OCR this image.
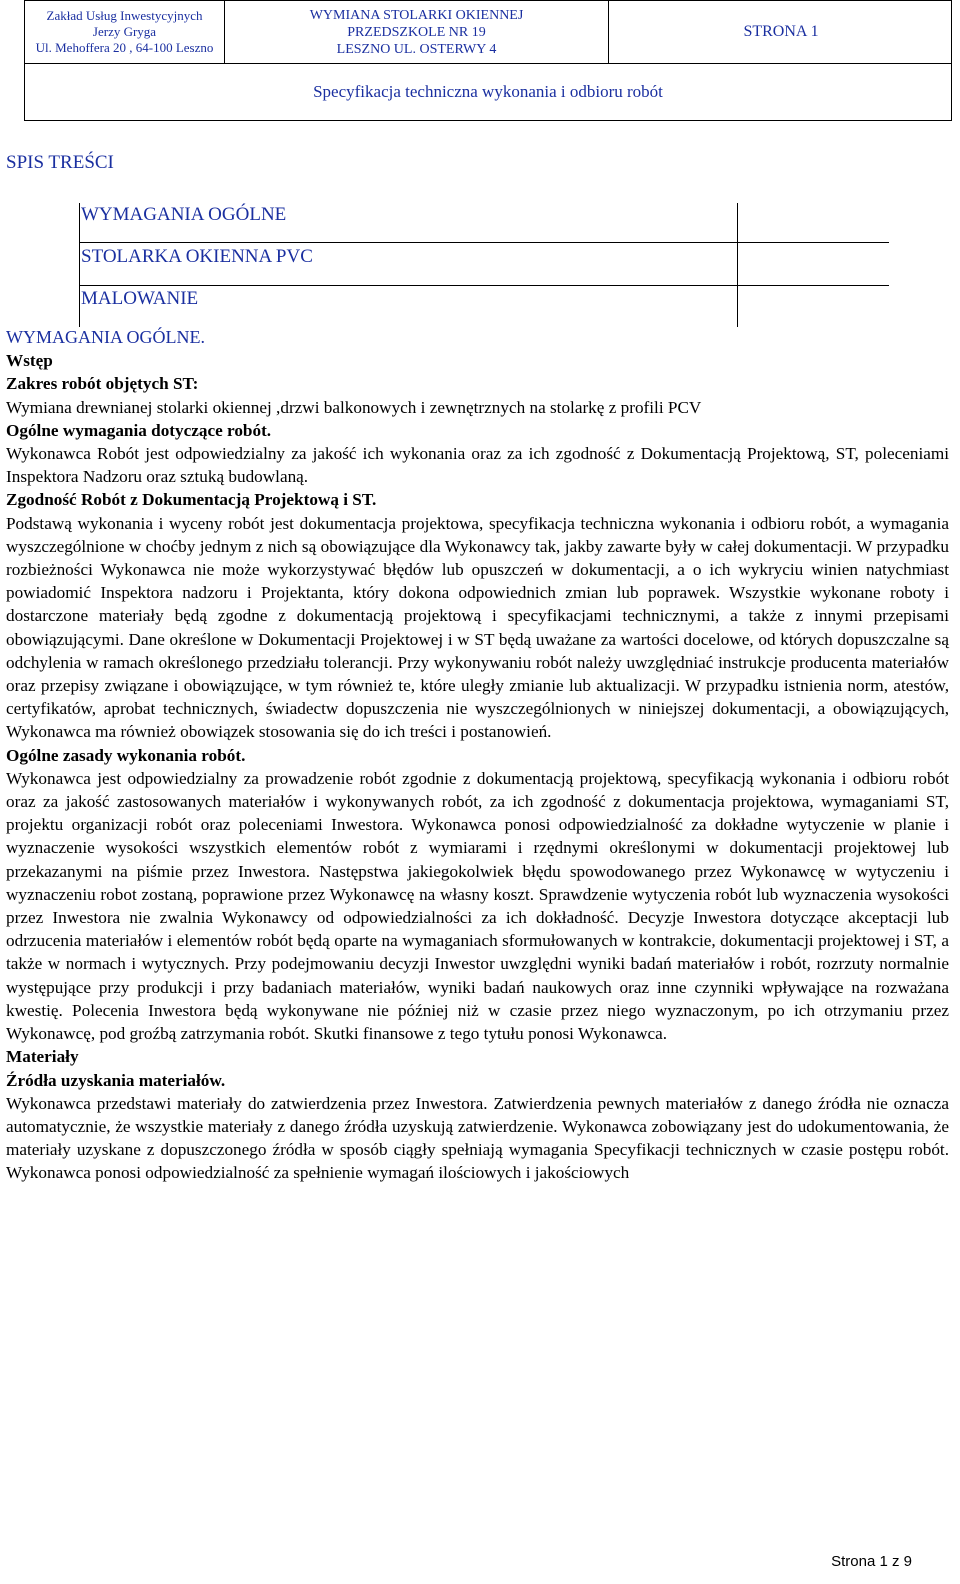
Zakład Usług Inwestycyjnych
Jerzy Gryga
Ul. Mehoffera 20 , 64-100 Leszno
WYMIANA STOLARKI OKIENNEJ
PRZEDSZKOLE NR 19
LESZNO UL. OSTERWY 4
STRONA 1
Specyfikacja techniczna wykonania i odbioru robót
SPIS TREŚCI
WYMAGANIA OGÓLNE
STOLARKA OKIENNA PVC
MALOWANIE

WYMAGANIA OGÓLNE.

Wstęp

Zakres robót objętych ST:

Wymiana drewnianej stolarki okiennej ,drzwi balkonowych i zewnętrznych na stolarkę z profili PCV

Ogólne wymagania dotyczące robót.

Wykonawca Robót jest odpowiedzialny za jakość ich wykonania oraz za ich zgodność z Dokumentacją Projektową, ST, poleceniami Inspektora Nadzoru oraz sztuką budowlaną.

Zgodność Robót z Dokumentacją Projektową i ST.

Podstawą wykonania i wyceny robót jest dokumentacja projektowa, specyfikacja techniczna wykonania i odbioru robót, a wymagania wyszczególnione w choćby jednym z nich są obowiązujące dla Wykonawcy tak, jakby zawarte były w całej dokumentacji. W przypadku rozbieżności Wykonawca nie może wykorzystywać błędów lub opuszczeń w dokumentacji, a o ich wykryciu winien natychmiast powiadomić Inspektora nadzoru i Projektanta, który dokona odpowiednich zmian lub poprawek. Wszystkie wykonane roboty i dostarczone materiały będą zgodne z dokumentacją projektową i specyfikacjami technicznymi, a także z innymi przepisami obowiązującymi. Dane określone w Dokumentacji Projektowej i w ST będą uważane za wartości docelowe, od których dopuszczalne są odchylenia w ramach określonego przedziału tolerancji. Przy wykonywaniu robót należy uwzględniać instrukcje producenta materiałów oraz przepisy związane i obowiązujące, w tym również te, które uległy zmianie lub aktualizacji. W przypadku istnienia norm, atestów, certyfikatów, aprobat technicznych, świadectw dopuszczenia nie wyszczególnionych w niniejszej dokumentacji, a obowiązujących, Wykonawca ma również obowiązek stosowania się do ich treści i postanowień.

Ogólne zasady wykonania robót.

Wykonawca jest odpowiedzialny za prowadzenie robót zgodnie z dokumentacją projektową, specyfikacją wykonania i odbioru robót oraz za jakość zastosowanych materiałów i wykonywanych robót, za ich zgodność z dokumentacja projektowa, wymaganiami ST, projektu organizacji robót oraz poleceniami Inwestora. Wykonawca ponosi odpowiedzialność za dokładne wytyczenie w planie i wyznaczenie wysokości wszystkich elementów robót z wymiarami i rzędnymi określonymi w dokumentacji projektowej lub przekazanymi na piśmie przez Inwestora. Następstwa jakiegokolwiek błędu spowodowanego przez Wykonawcę w wytyczeniu i wyznaczeniu robot zostaną, poprawione przez Wykonawcę na własny koszt. Sprawdzenie wytyczenia robót lub wyznaczenia wysokości przez Inwestora nie zwalnia Wykonawcy od odpowiedzialności za ich dokładność. Decyzje Inwestora dotyczące akceptacji lub odrzucenia materiałów i elementów robót będą oparte na wymaganiach sformułowanych w kontrakcie, dokumentacji projektowej i ST, a także w normach i wytycznych. Przy podejmowaniu decyzji Inwestor uwzględni wyniki badań materiałów i robót, rozrzuty normalnie występujące przy produkcji i przy badaniach materiałów, wyniki badań naukowych oraz inne czynniki wpływające na rozważana kwestię. Polecenia Inwestora będą wykonywane nie później niż w czasie przez niego wyznaczonym, po ich otrzymaniu przez Wykonawcę, pod groźbą zatrzymania robót. Skutki finansowe z tego tytułu ponosi Wykonawca.

Materiały

Źródła uzyskania materiałów.

Wykonawca przedstawi materiały do zatwierdzenia przez Inwestora. Zatwierdzenia pewnych materiałów z danego źródła nie oznacza automatycznie, że wszystkie materiały z danego źródła uzyskują zatwierdzenie. Wykonawca zobowiązany jest do udokumentowania, że materiały uzyskane z dopuszczonego źródła w sposób ciągły spełniają wymagania Specyfikacji technicznych w czasie postępu robót. Wykonawca ponosi odpowiedzialność za spełnienie wymagań ilościowych i jakościowych

Strona 1 z 9
